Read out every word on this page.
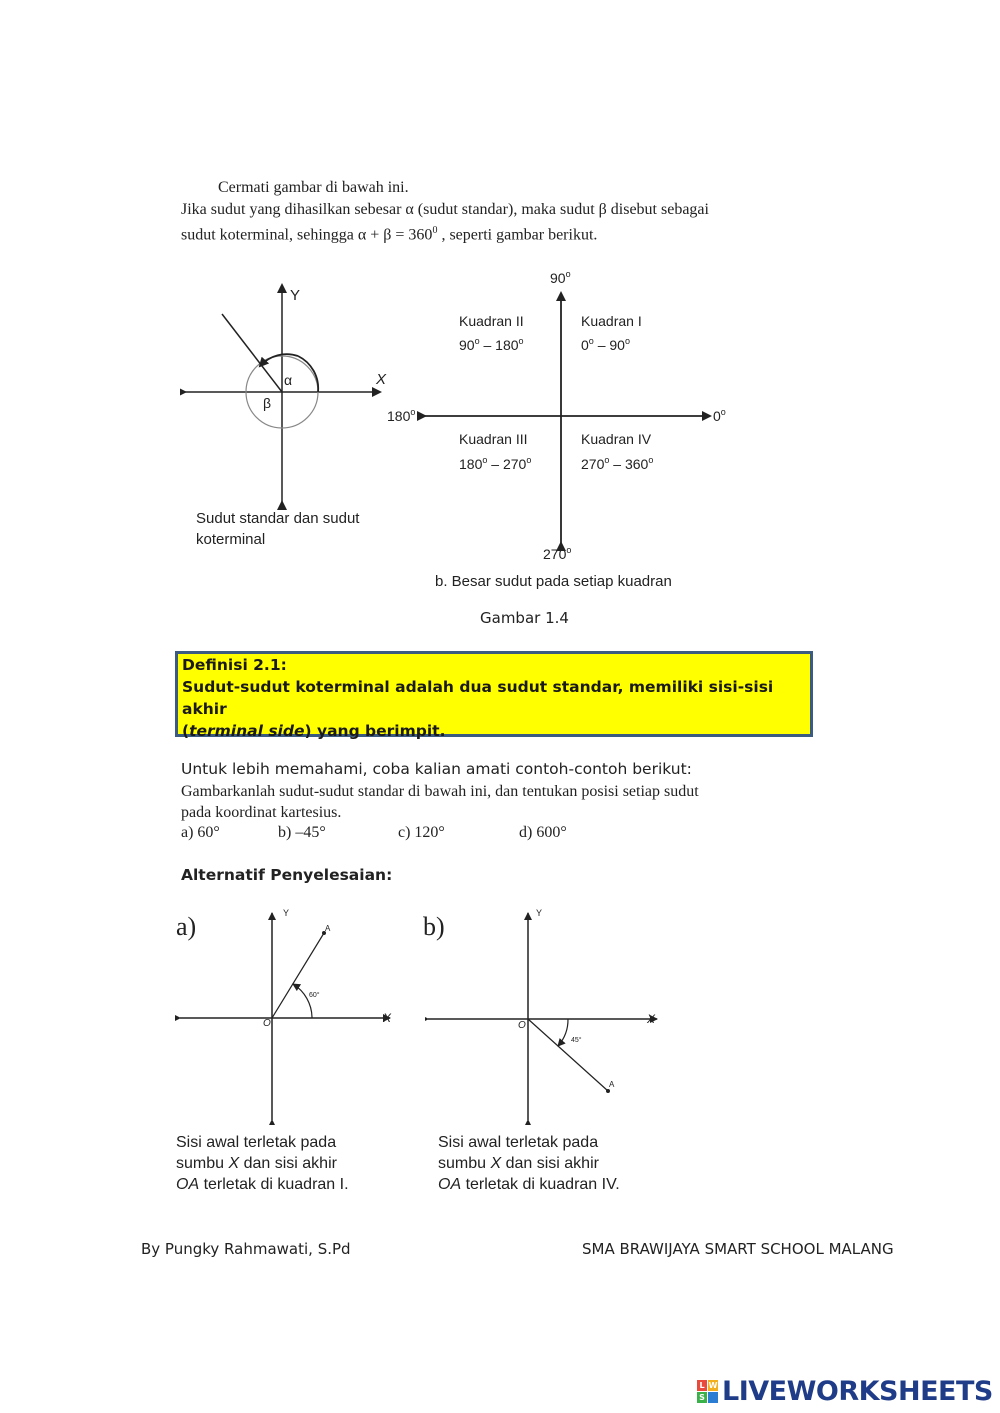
Cermati gambar di bawah ini.
Jika sudut yang dihasilkan sebesar α (sudut standar), maka sudut β disebut sebagai
sudut koterminal, sehingga $\alpha + \beta = 360^0$ , seperti gambar berikut.
Y
X
α
β
Sudut standar dan sudut
koterminal
90$^o$
270$^o$
180$^o$	0$^o$
Kuadran II
90$^o$ – 180$^o$
Kuadran I
0$^o$ – 90$^o$
Kuadran III
180$^o$ – 270$^o$
Kuadran IV
270$^o$ – 360$^o$
b. Besar sudut pada setiap kuadran
Gambar 1.4
Definisi 2.1:
Sudut-sudut koterminal adalah dua sudut standar, memiliki sisi-sisi akhir
(terminal side) yang berimpit.
Untuk lebih memahami, coba kalian amati contoh-contoh berikut:
Gambarkanlah sudut-sudut standar di bawah ini, dan tentukan posisi setiap sudut
pada koordinat kartesius.
a) 60°	b) –45°	c) 120°	d) 600°
Alternatif Penyelesaian:
a)	Y
X
O
A
60°
Sisi awal terletak pada
sumbu X dan sisi akhir
OA terletak di kuadran I.
b)	Y
X
O
A
45°
Sisi awal terletak pada
sumbu X dan sisi akhir
OA terletak di kuadran IV.
By Pungky Rahmawati, S.Pd	SMA BRAWIJAYA SMART SCHOOL MALANG
L W
S LIVEWORKSHEETS
